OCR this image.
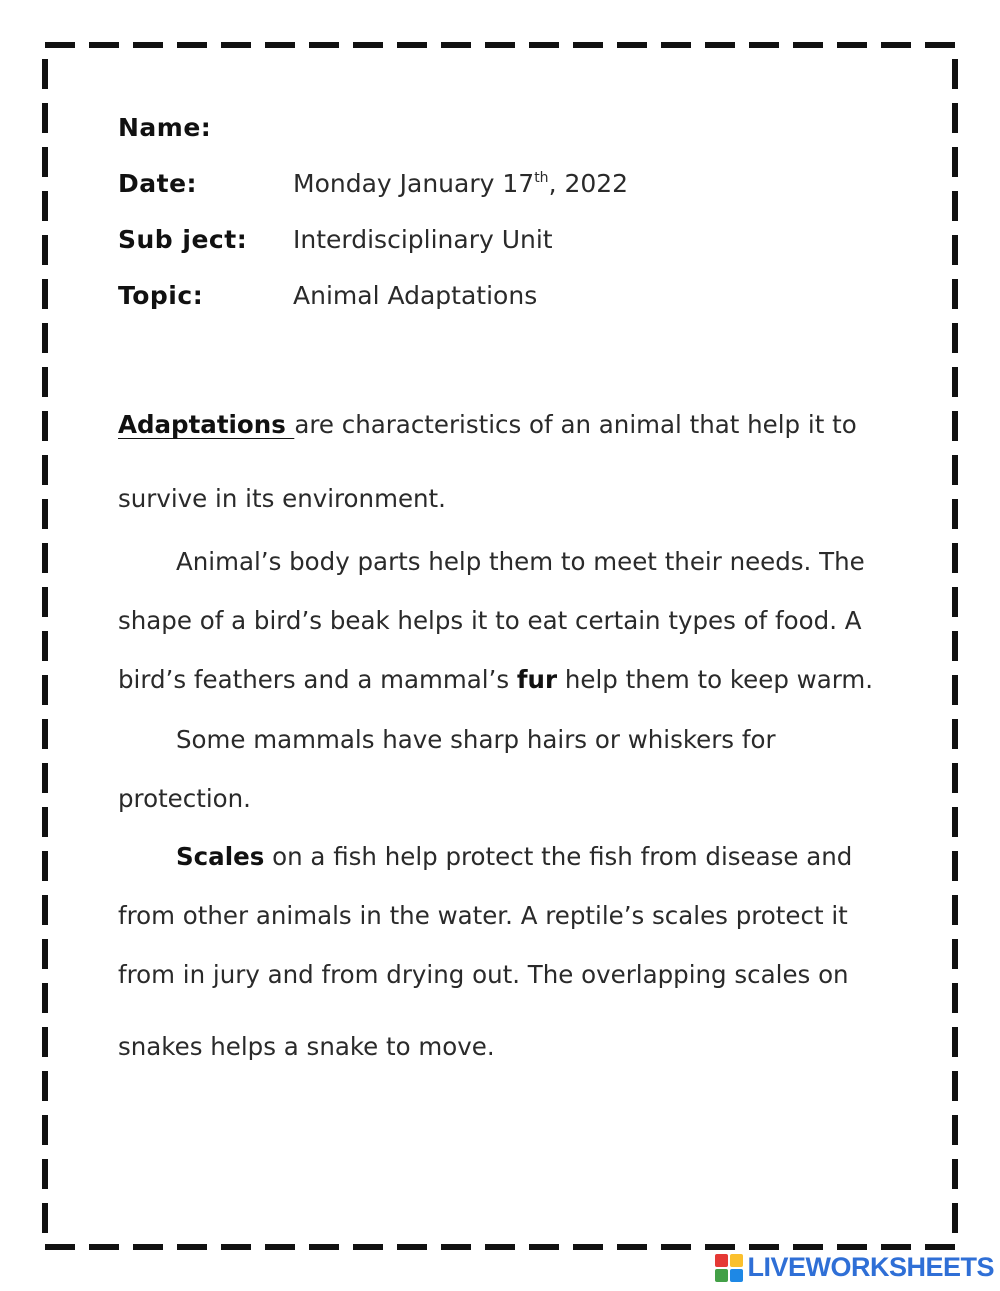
Name:
Date:	Monday January 17th, 2022
Sub ject:	Interdisciplinary Unit
Topic:	Animal Adaptations
Adaptations are characteristics of an animal that help it to
survive in its environment.
Animal’s body parts help them to meet their needs. The
shape of a bird’s beak helps it to eat certain types of food. A
bird’s feathers and a mammal’s fur help them to keep warm.
Some mammals have sharp hairs or whiskers for
protection.
Scales on a fish help protect the fish from disease and
from other animals in the water. A reptile’s scales protect it
from in jury and from drying out. The overlapping scales on
snakes helps a snake to move.
LIVEWORKSHEETS
